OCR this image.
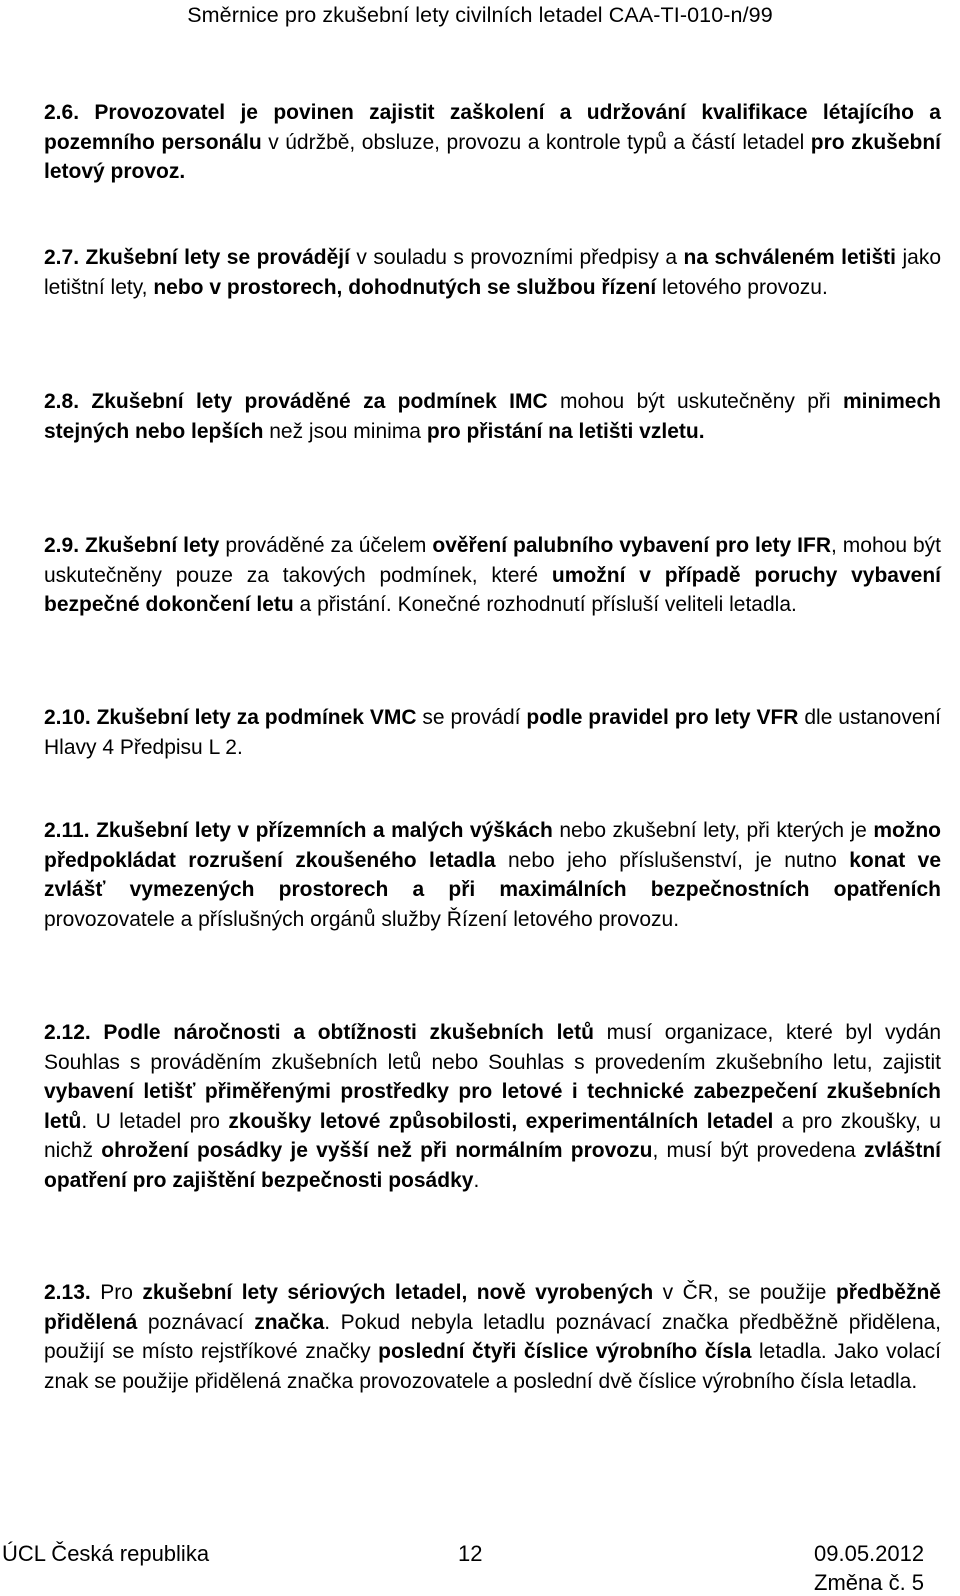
Směrnice pro zkušební lety civilních letadel CAA-TI-010-n/99
2.6. Provozovatel je povinen zajistit zaškolení a udržování kvalifikace létajícího a pozemního personálu v údržbě, obsluze, provozu a kontrole typů a částí letadel pro zkušební letový provoz.
2.7. Zkušební lety se provádějí v souladu s provozními předpisy a na schváleném letišti jako letištní lety, nebo v prostorech, dohodnutých se službou řízení letového provozu.
2.8. Zkušební lety prováděné za podmínek IMC mohou být uskutečněny při minimech stejných nebo lepších než jsou minima pro přistání na letišti vzletu.
2.9. Zkušební lety prováděné za účelem ověření palubního vybavení pro lety IFR, mohou být uskutečněny pouze za takových podmínek, které umožní v případě poruchy vybavení bezpečné dokončení letu a přistání. Konečné rozhodnutí přísluší veliteli letadla.
2.10. Zkušební lety za podmínek VMC se provádí podle pravidel pro lety VFR dle ustanovení Hlavy 4 Předpisu L 2.
2.11. Zkušební lety v přízemních a malých výškách nebo zkušební lety, při kterých je možno předpokládat rozrušení zkoušeného letadla nebo jeho příslušenství, je nutno konat ve zvlášť vymezených prostorech a při maximálních bezpečnostních opatřeních provozovatele a příslušných orgánů služby Řízení letového provozu.
2.12. Podle náročnosti a obtížnosti zkušebních letů musí organizace, které byl vydán Souhlas s prováděním zkušebních letů nebo Souhlas s provedením zkušebního letu, zajistit vybavení letišť přiměřenými prostředky pro letové i technické zabezpečení zkušebních letů. U letadel pro zkoušky letové způsobilosti, experimentálních letadel a pro zkoušky, u nichž ohrožení posádky je vyšší než při normálním provozu, musí být provedena zvláštní opatření pro zajištění bezpečnosti posádky.
2.13. Pro zkušební lety sériových letadel, nově vyrobených v ČR, se použije předběžně přidělená poznávací značka. Pokud nebyla letadlu poznávací značka předběžně přidělena, použijí se místo rejstříkové značky poslední čtyři číslice výrobního čísla letadla. Jako volací znak se použije přidělená značka provozovatele a poslední dvě číslice výrobního čísla letadla.
ÚCL Česká republika	12	09.05.2012
Změna č. 5
